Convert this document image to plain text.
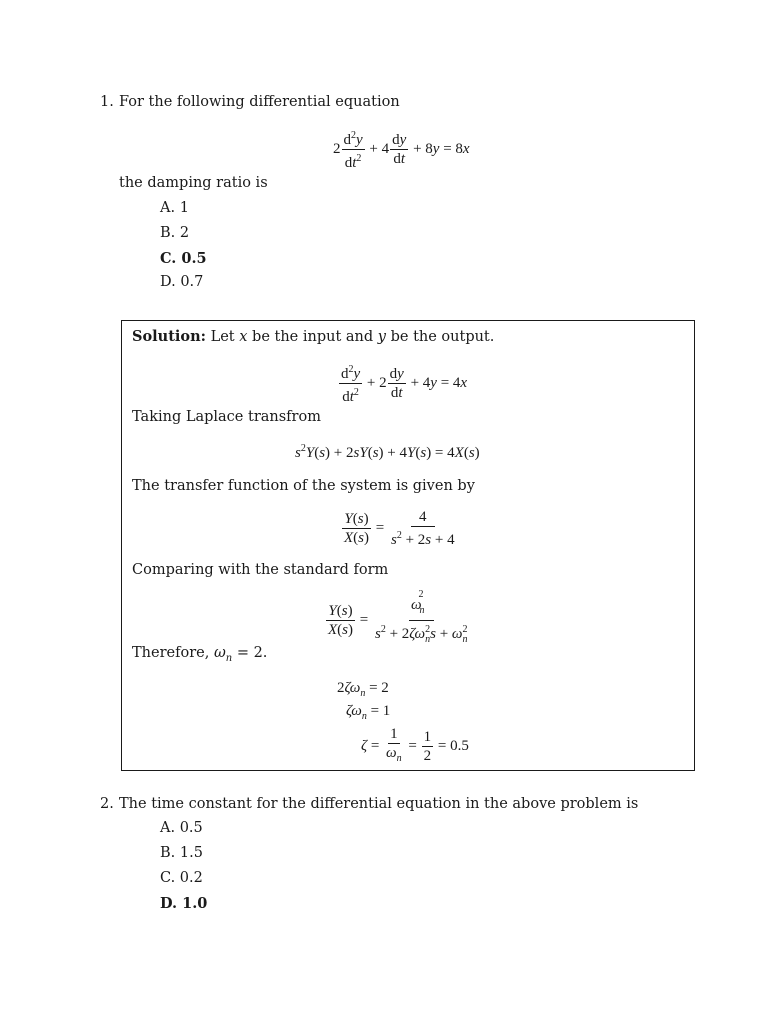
1. For the following differential equation
$2 \frac{d^2y}{dt^2} + 4 \frac{dy}{dt} + 8y = 8x$
the damping ratio is
A. 1
B. 2
C. 0.5
D. 0.7
Solution: Let x be the input and y be the output.
$\frac{d^2y}{dt^2} + 2 \frac{dy}{dt} + 4y = 4x$
Taking Laplace transfrom
$s^2Y(s) + 2sY(s) + 4Y(s) = 4X(s)$
The transfer function of the system is given by
$\frac{Y(s)}{X(s)} = \frac{4}{s^2 + 2s + 4}$
Comparing with the standard form
$\frac{Y(s)}{X(s)} = \frac{\omega_n^2}{s^2 + 2\zeta\omega^2_ns + \omega^2_n}$
Therefore, $\omega_n = 2$.
$2\zeta\omega_n = 2$
$\zeta\omega_n = 1$
$\zeta = \frac{1}{\omega_n} = \frac{1}{2} = 0.5$
2. The time constant for the differential equation in the above problem is
A. 0.5
B. 1.5
C. 0.2
D. 1.0
